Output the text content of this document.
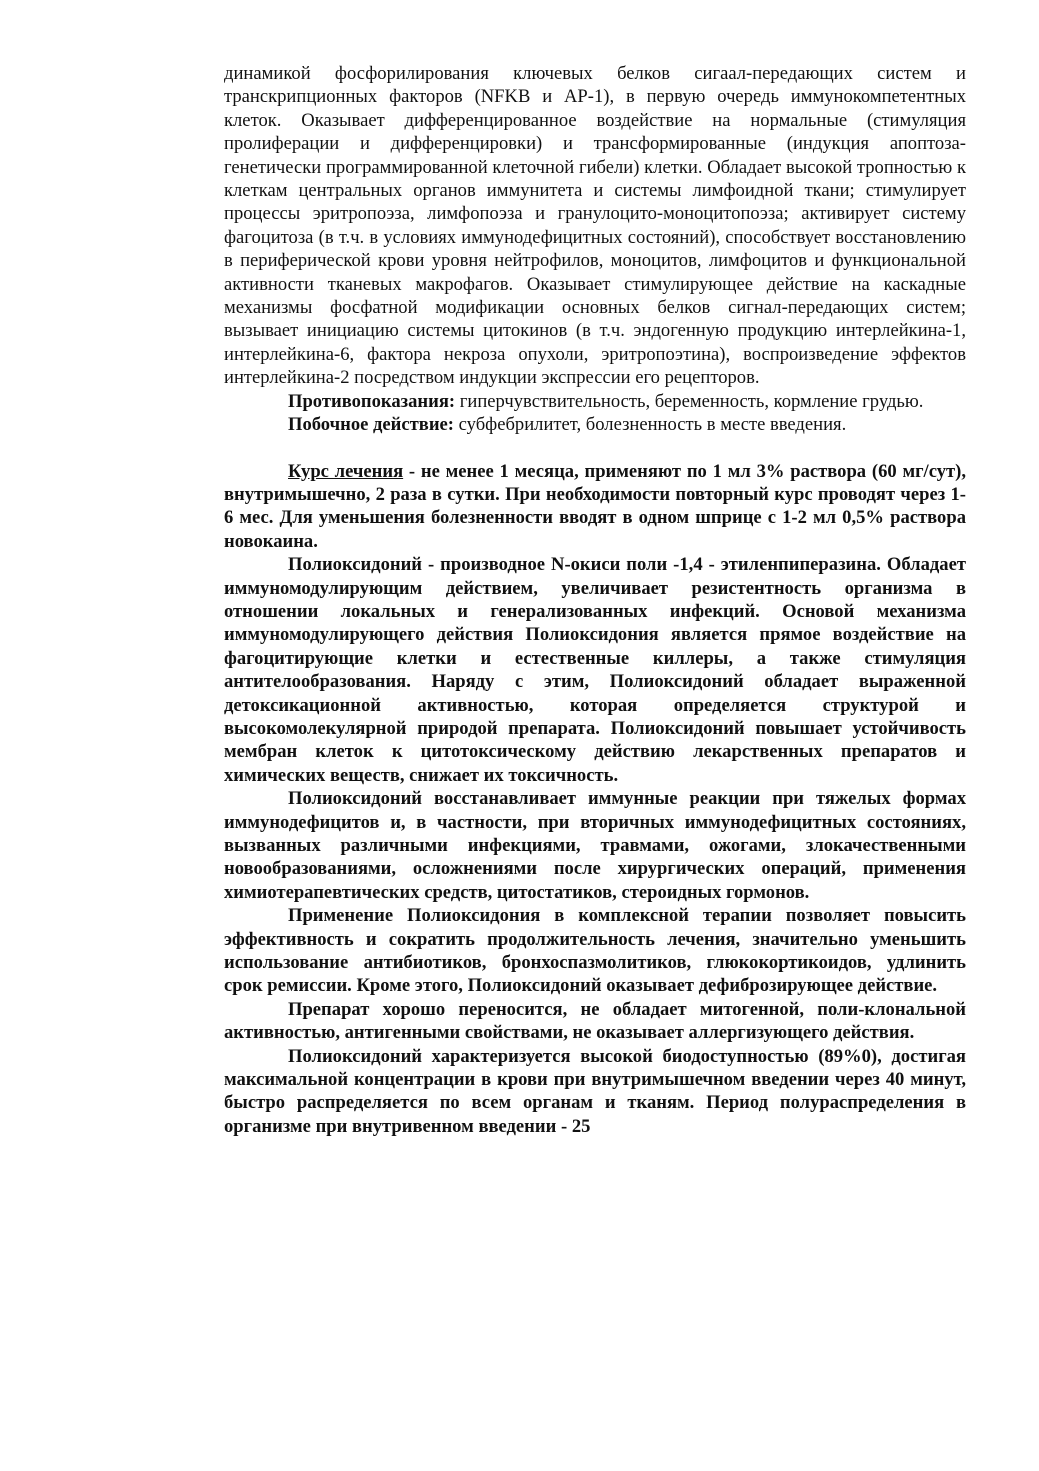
динамикой фосфорилирования ключевых белков сигаал-передающих систем и транскрипционных факторов (NFKB и AP-1), в первую очередь иммунокомпетентных клеток. Оказывает дифференцированное воздействие на нормальные (стимуляция пролиферации и дифференцировки) и трансформированные (индукция апоптоза- генетически программированной клеточной гибели) клетки. Обладает высокой тропностью к клеткам центральных органов иммунитета и системы лимфоидной ткани; стимулирует процессы эритропоэза, лимфопоэза и гранулоцито-моноцитопоэза; активирует систему фагоцитоза (в т.ч. в условиях иммунодефицитных состояний), способствует восстановлению в периферической крови уровня нейтрофилов, моноцитов, лимфоцитов и функциональной активности тканевых макрофагов. Оказывает стимулирующее действие на каскадные механизмы фосфатной модификации основных белков сигнал-передающих систем; вызывает инициацию системы цитокинов (в т.ч. эндогенную продукцию интерлейкина-1, интерлейкина-6, фактора некроза опухоли, эритропоэтина), воспроизведение эффектов интерлейкина-2 посредством индукции экспрессии его рецепторов.

Противопоказания: гиперчувствительность, беременность, кормление грудью.

Побочное действие: субфебрилитет, болезненность в месте введения.

Курс лечения - не менее 1 месяца, применяют по 1 мл 3% раствора (60 мг/сут), внутримышечно, 2 раза в сутки. При необходимости повторный курс проводят через 1-6 мес. Для уменьшения болезненности вводят в одном шприце с 1-2 мл 0,5% раствора новокаина.

Полиоксидоний - производное N-окиси поли -1,4 - этиленпиперазина. Обладает иммуномодулирующим действием, увеличивает резистентность организма в отношении локальных и генерализованных инфекций. Основой механизма иммуномодулирующего действия Полиоксидония является прямое воздействие на фагоцитирующие клетки и естественные киллеры, а также стимуляция антителообразования. Наряду с этим, Полиоксидоний обладает выраженной детоксикационной активностью, которая определяется структурой и высокомолекулярной природой препарата. Полиоксидоний повышает устойчивость мембран клеток к цитотоксическому действию лекарственных препаратов и химических веществ, снижает их токсичность.

Полиоксидоний восстанавливает иммунные реакции при тяжелых формах иммунодефицитов и, в частности, при вторичных иммунодефицитных состояниях, вызванных различными инфекциями, травмами, ожогами, злокачественными новообразованиями, осложнениями после хирургических операций, применения химиотерапевтических средств, цитостатиков, стероидных гормонов.

Применение Полиоксидония в комплексной терапии позволяет повысить эффективность и сократить продолжительность лечения, значительно уменьшить использование антибиотиков, бронхоспазмолитиков, глюкокортикоидов, удлинить срок ремиссии. Кроме этого, Полиоксидоний оказывает дефиброзирующее действие.

Препарат хорошо переносится, не обладает митогенной, поли-клональной активностью, антигенными свойствами, не оказывает аллергизующего действия.

Полиоксидоний характеризуется высокой биодоступностью (89%0), достигая максимальной концентрации в крови при внутримышечном введении через 40 минут, быстро распределяется по всем органам и тканям. Период полураспределения в организме при внутривенном введении - 25
